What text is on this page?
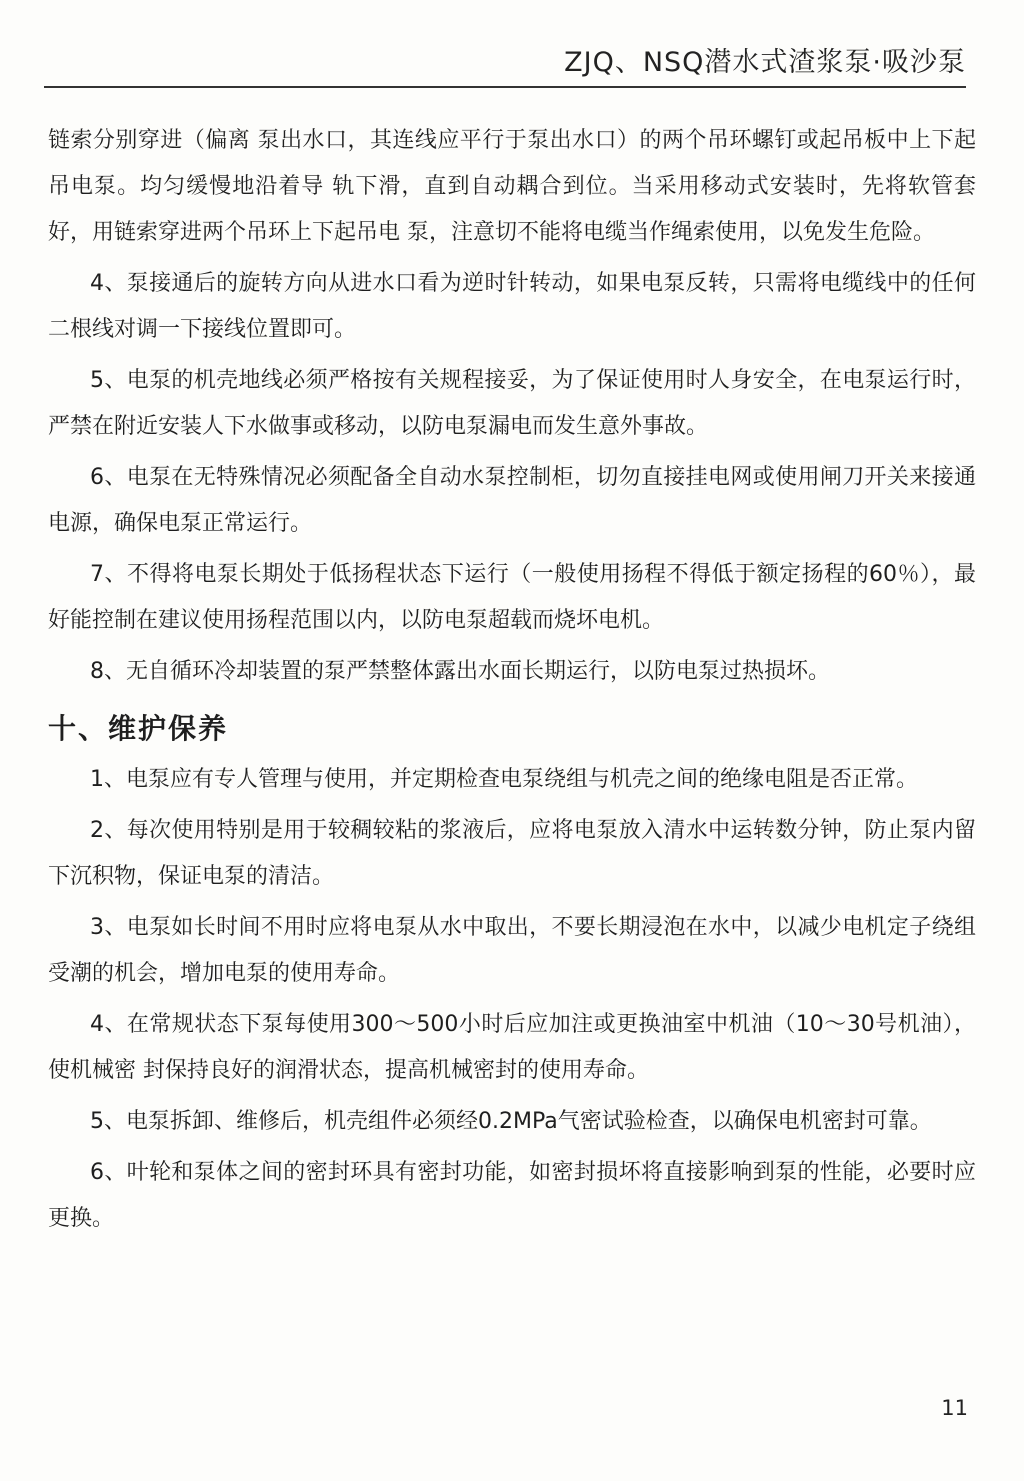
ZJQ、NSQ潜水式渣浆泵·吸沙泵

链索分别穿进（偏离 泵出水口，其连线应平行于泵出水口）的两个吊环螺钉或起吊板中上下起吊电泵。均匀缓慢地沿着导 轨下滑，直到自动耦合到位。当采用移动式安装时，先将软管套好，用链索穿进两个吊环上下起吊电 泵，注意切不能将电缆当作绳索使用，以免发生危险。

4、泵接通后的旋转方向从进水口看为逆时针转动，如果电泵反转，只需将电缆线中的任何二根线对调一下接线位置即可。

5、电泵的机壳地线必须严格按有关规程接妥，为了保证使用时人身安全，在电泵运行时，严禁在附近安装人下水做事或移动，以防电泵漏电而发生意外事故。

6、电泵在无特殊情况必须配备全自动水泵控制柜，切勿直接挂电网或使用闸刀开关来接通电源，确保电泵正常运行。

7、不得将电泵长期处于低扬程状态下运行（一般使用扬程不得低于额定扬程的60％），最好能控制在建议使用扬程范围以内，以防电泵超载而烧坏电机。

8、无自循环冷却装置的泵严禁整体露出水面长期运行，以防电泵过热损坏。

十、维护保养

1、电泵应有专人管理与使用，并定期检查电泵绕组与机壳之间的绝缘电阻是否正常。

2、每次使用特别是用于较稠较粘的浆液后，应将电泵放入清水中运转数分钟，防止泵内留下沉积物，保证电泵的清洁。

3、电泵如长时间不用时应将电泵从水中取出，不要长期浸泡在水中，以减少电机定子绕组受潮的机会，增加电泵的使用寿命。

4、在常规状态下泵每使用300～500小时后应加注或更换油室中机油（10～30号机油），使机械密 封保持良好的润滑状态，提高机械密封的使用寿命。

5、电泵拆卸、维修后，机壳组件必须经0.2MPa气密试验检查，以确保电机密封可靠。

6、叶轮和泵体之间的密封环具有密封功能，如密封损坏将直接影响到泵的性能，必要时应更换。

11
